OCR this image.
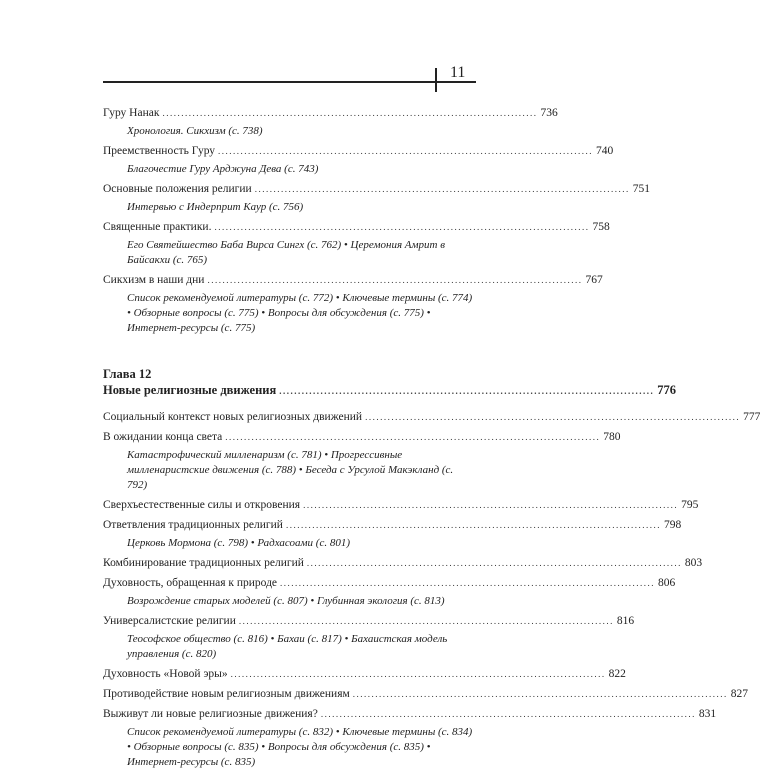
11
Гуру Нанак .................................................................................................... 736
Хронология. Сикхизм (с. 738)
Преемственность Гуру .................................................................................................... 740
Благочестие Гуру Арджуна Дева (с. 743)
Основные положения религии .................................................................................................... 751
Интервью с Индерприт Каур (с. 756)
Священные практики. .................................................................................................... 758
Его Святейшество Баба Вирса Сингх (с. 762) • Церемония Амрит в Байсакхи (с. 765)
Сикхизм в наши дни .................................................................................................... 767
Список рекомендуемой литературы (с. 772) • Ключевые термины (с. 774) • Обзорные вопросы (с. 775) • Вопросы для обсуждения (с. 775) • Интернет-ресурсы (с. 775)
Глава 12
Новые религиозные движения .................................................................................................... 776
Социальный контекст новых религиозных движений .................................................................................................... 777
В ожидании конца света .................................................................................................... 780
Катастрофический милленаризм (с. 781) • Прогрессивные милленаристские движения (с. 788) • Беседа с Урсулой Макэкланд (с. 792)
Сверхъестественные силы и откровения .................................................................................................... 795
Ответвления традиционных религий .................................................................................................... 798
Церковь Мормона (с. 798) • Радхасоами (с. 801)
Комбинирование традиционных религий .................................................................................................... 803
Духовность, обращенная к природе .................................................................................................... 806
Возрождение старых моделей (с. 807) • Глубинная экология (с. 813)
Универсалистские религии .................................................................................................... 816
Теософское общество (с. 816) • Бахаи (с. 817) • Бахаистская модель управления (с. 820)
Духовность «Новой эры» .................................................................................................... 822
Противодействие новым религиозным движениям .................................................................................................... 827
Выживут ли новые религиозные движения? .................................................................................................... 831
Список рекомендуемой литературы (с. 832) • Ключевые термины (с. 834) • Обзорные вопросы (с. 835) • Вопросы для обсуждения (с. 835) • Интернет-ресурсы (с. 835)
